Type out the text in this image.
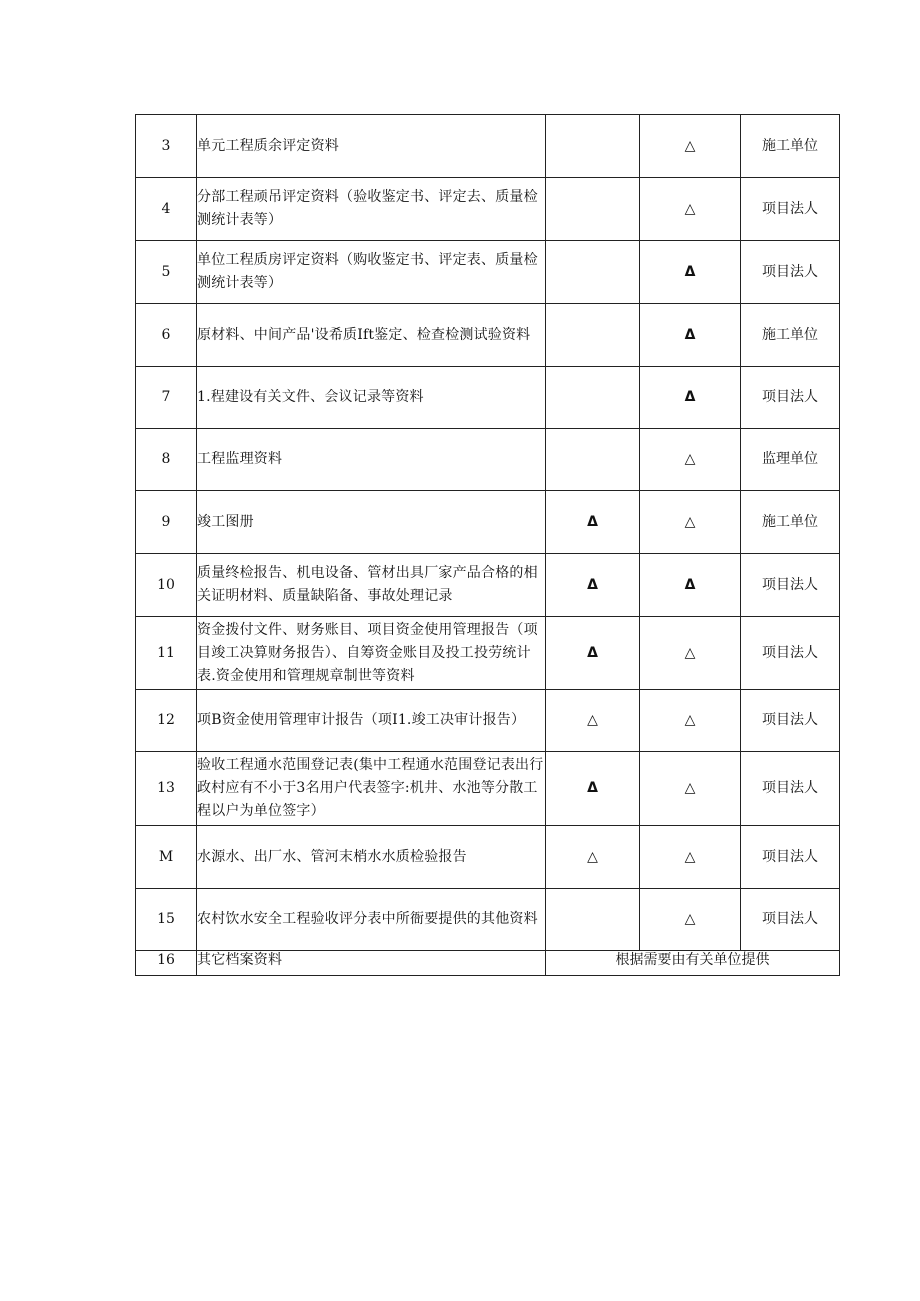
3	单元工程质余评定资料		△	施工单位
4	分部工程顽吊评定资料（验收鉴定书、评定去、质量检测统计表等）		△	项目法人
5	单位工程质房评定资料（购收鉴定书、评定表、质量检测统计表等）		Δ	项目法人
6	原材料、中间产品'设希质Ift鉴定、检查检测试验资料		Δ	施工单位
7	1.程建设有关文件、会议记录等资料		Δ	项目法人
8	工程监理资料		△	监理单位
9	竣工图册	Δ	△	施工单位
10	质量终检报告、机电设备、管材出具厂家产品合格的相关证明材料、质量缺陷备、事故处理记录	Δ	Δ	项目法人
11	资金拨付文件、财务账目、项目资金使用管理报告（项目竣工决算财务报告）、自筹资金账目及投工投劳统计表.资金使用和管理规章制世等资料	Δ	△	项目法人
12	项B资金使用管理审计报告（项I1.竣工决审计报告）	△	△	项目法人
13	验收工程通水范围登记表(集中工程通水范围登记表出行政村应有不小于3名用户代表签字:机井、水池等分散工程以户为单位签字）	Δ	△	项目法人
M	水源水、出厂水、管河末梢水水质检验报告	△	△	项目法人
15	农村饮水安全工程验收评分表中所衙要提供的其他资料		△	项目法人
16	其它档案资料	根据需要由有关单位提供		
